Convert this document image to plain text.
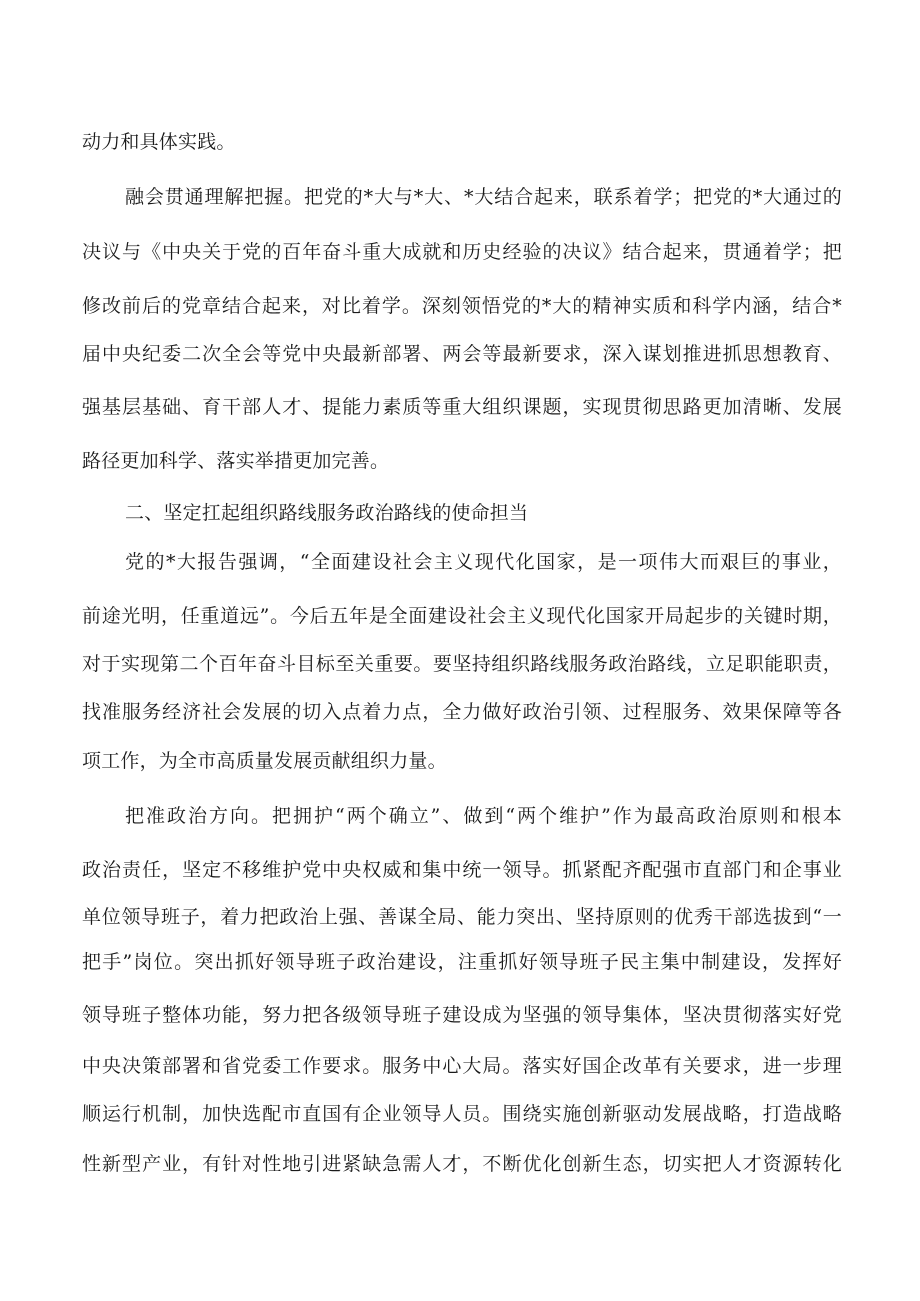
动力和具体实践。
融会贯通理解把握。把党的*大与*大、*大结合起来，联系着学；把党的*大通过的
决议与《中央关于党的百年奋斗重大成就和历史经验的决议》结合起来，贯通着学；把
修改前后的党章结合起来，对比着学。深刻领悟党的*大的精神实质和科学内涵，结合*
届中央纪委二次全会等党中央最新部署、两会等最新要求，深入谋划推进抓思想教育、
强基层基础、育干部人才、提能力素质等重大组织课题，实现贯彻思路更加清晰、发展
路径更加科学、落实举措更加完善。
二、坚定扛起组织路线服务政治路线的使命担当
党的*大报告强调，“全面建设社会主义现代化国家，是一项伟大而艰巨的事业，
前途光明，任重道远”。今后五年是全面建设社会主义现代化国家开局起步的关键时期，
对于实现第二个百年奋斗目标至关重要。要坚持组织路线服务政治路线，立足职能职责，
找准服务经济社会发展的切入点着力点，全力做好政治引领、过程服务、效果保障等各
项工作，为全市高质量发展贡献组织力量。
把准政治方向。把拥护“两个确立”、做到“两个维护”作为最高政治原则和根本
政治责任，坚定不移维护党中央权威和集中统一领导。抓紧配齐配强市直部门和企事业
单位领导班子，着力把政治上强、善谋全局、能力突出、坚持原则的优秀干部选拔到“一
把手”岗位。突出抓好领导班子政治建设，注重抓好领导班子民主集中制建设，发挥好
领导班子整体功能，努力把各级领导班子建设成为坚强的领导集体，坚决贯彻落实好党
中央决策部署和省党委工作要求。服务中心大局。落实好国企改革有关要求，进一步理
顺运行机制，加快选配市直国有企业领导人员。围绕实施创新驱动发展战略，打造战略
性新型产业，有针对性地引进紧缺急需人才，不断优化创新生态，切实把人才资源转化
